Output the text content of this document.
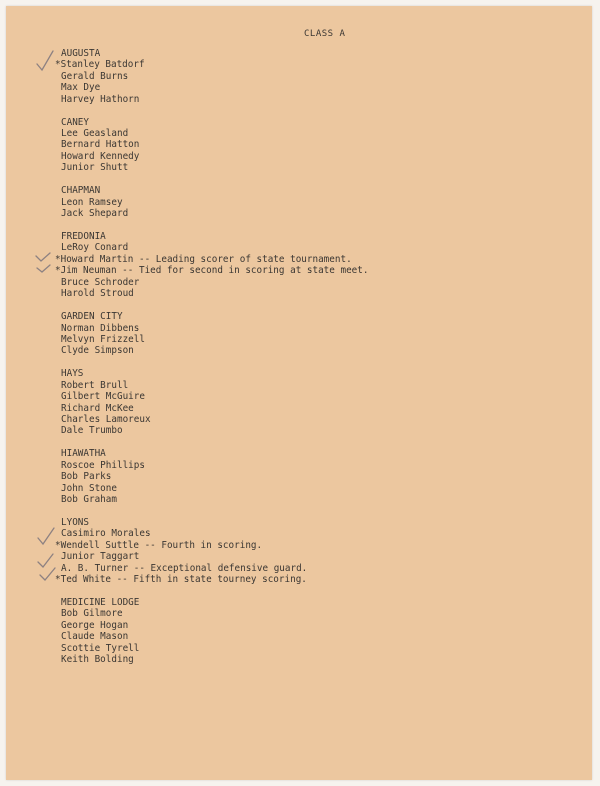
CLASS A
AUGUSTA
* Stanley Batdorf
Gerald Burns
Max Dye
Harvey Hathorn
CANEY
Lee Geasland
Bernard Hatton
Howard Kennedy
Junior Shutt
CHAPMAN
Leon Ramsey
Jack Shepard
FREDONIA
LeRoy Conard
* Howard Martin -- Leading scorer of state tournament.
* Jim Neuman -- Tied for second in scoring at state meet.
Bruce Schroder
Harold Stroud
GARDEN CITY
Norman Dibbens
Melvyn Frizzell
Clyde Simpson
HAYS
Robert Brull
Gilbert McGuire
Richard McKee
Charles Lamoreux
Dale Trumbo
HIAWATHA
Roscoe Phillips
Bob Parks
John Stone
Bob Graham
LYONS
Casimiro Morales
* Wendell Suttle -- Fourth in scoring.
Junior Taggart
A. B. Turner -- Exceptional defensive guard.
* Ted White -- Fifth in state tourney scoring.
MEDICINE LODGE
Bob Gilmore
George Hogan
Claude Mason
Scottie Tyrell
Keith Bolding
